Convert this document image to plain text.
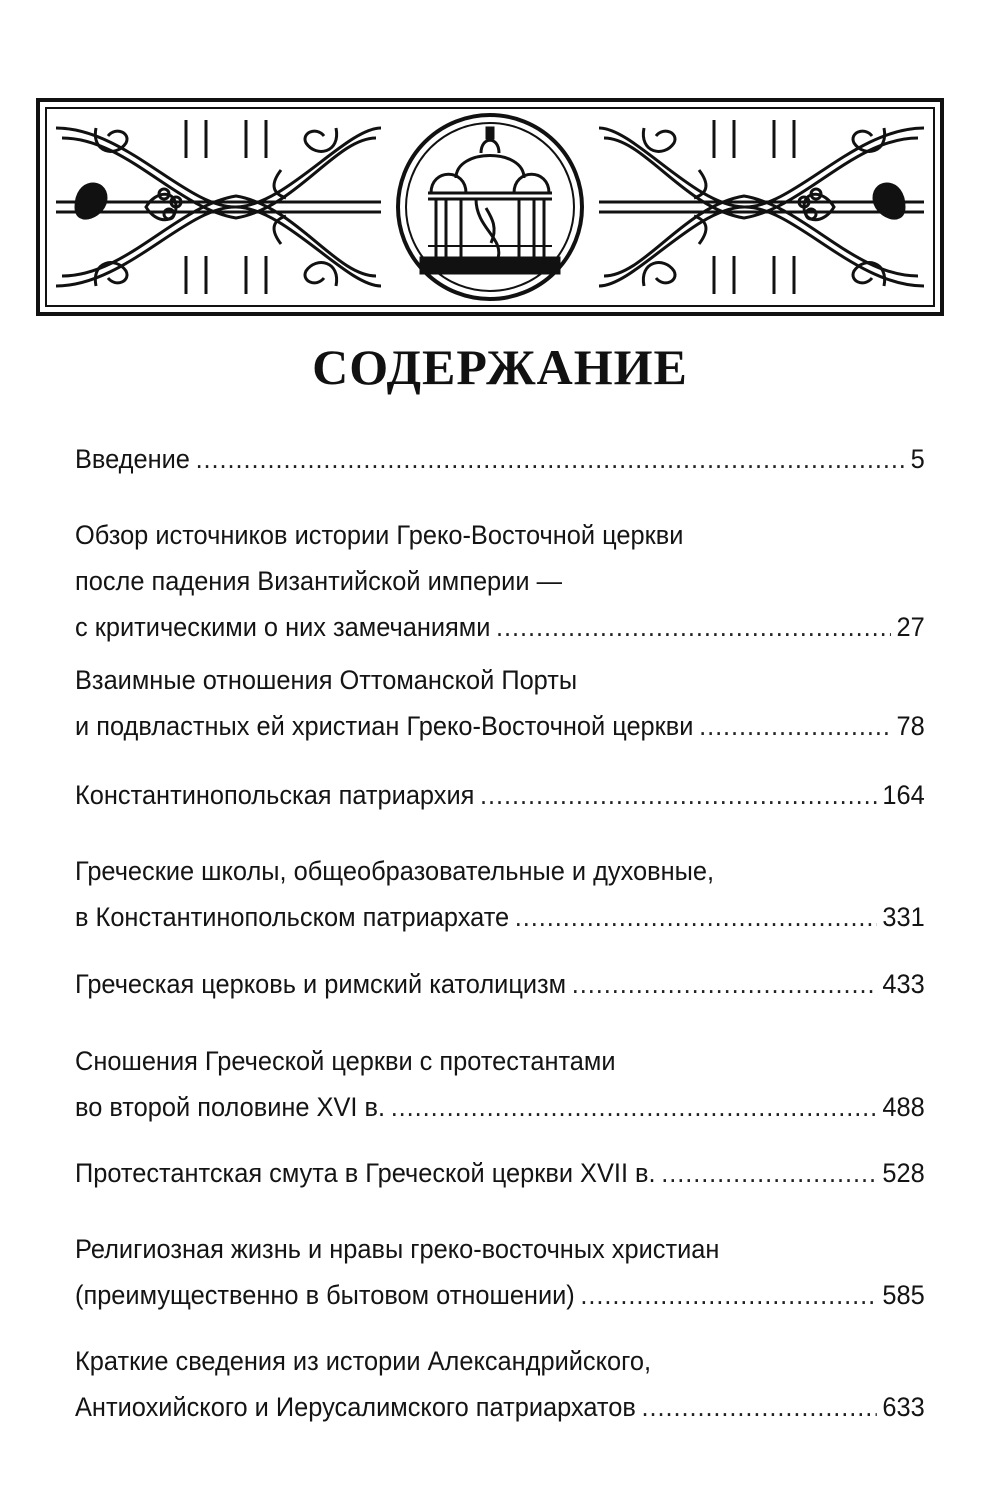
СОДЕРЖАНИЕ
Введение .....	5
Обзор источников истории Греко-Восточной церкви
после падения Византийской империи —
с критическими о них замечаниями .....	27
Взаимные отношения Оттоманской Порты
и подвластных ей христиан Греко-Восточной церкви .....	78
Константинопольская патриархия .....	164
Греческие школы, общеобразовательные и духовные,
в Константинопольском патриархате .....	331
Греческая церковь и римский католицизм .....	433
Сношения Греческой церкви с протестантами
во второй половине XVI в. .....	488
Протестантская смута в Греческой церкви XVII в. .....	528
Религиозная жизнь и нравы греко-восточных христиан
(преимущественно в бытовом отношении) .....	585
Краткие сведения из истории Александрийского,
Антиохийского и Иерусалимского патриархатов .....	633
